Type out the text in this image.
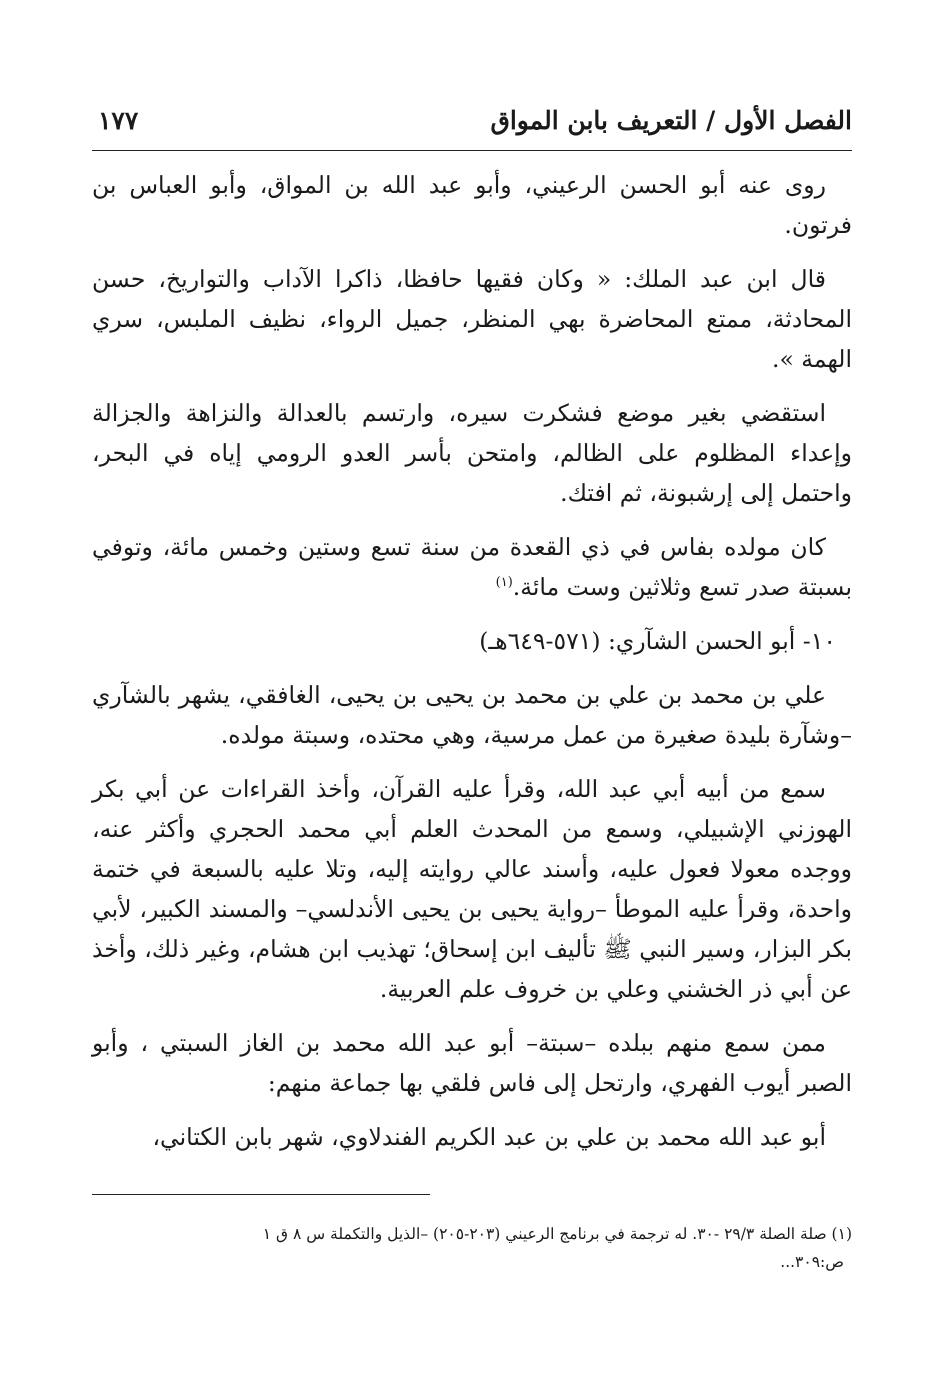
الفصل الأول / التعريف بابن المواق
١٧٧

روى عنه أبو الحسن الرعيني، وأبو عبد الله بن المواق، وأبو العباس بن فرتون.

قال ابن عبد الملك: « وكان فقيها حافظا، ذاكرا الآداب والتواريخ، حسن المحادثة، ممتع المحاضرة بهي المنظر، جميل الرواء، نظيف الملبس، سري الهمة ».

استقضي بغير موضع فشكرت سيره، وارتسم بالعدالة والنزاهة والجزالة وإعداء المظلوم على الظالم، وامتحن بأسر العدو الرومي إياه في البحر، واحتمل إلى إرشبونة، ثم افتك.

كان مولده بفاس في ذي القعدة من سنة تسع وستين وخمس مائة، وتوفي بسبتة صدر تسع وثلاثين وست مائة.$^{(١)}$

١٠- أبو الحسن الشآري: (٥٧١-٦٤٩هـ)

علي بن محمد بن علي بن محمد بن يحيى بن يحيى، الغافقي، يشهر بالشآري –وشآرة بليدة صغيرة من عمل مرسية، وهي محتده، وسبتة مولده.

سمع من أبيه أبي عبد الله، وقرأ عليه القرآن، وأخذ القراءات عن أبي بكر الهوزني الإشبيلي، وسمع من المحدث العلم أبي محمد الحجري وأكثر عنه، ووجده معولا فعول عليه، وأسند عالي روايته إليه، وتلا عليه بالسبعة في ختمة واحدة، وقرأ عليه الموطأ –رواية يحيى بن يحيى الأندلسي– والمسند الكبير، لأبي بكر البزار، وسير النبي ﷺ تأليف ابن إسحاق؛ تهذيب ابن هشام، وغير ذلك، وأخذ عن أبي ذر الخشني وعلي بن خروف علم العربية.

ممن سمع منهم ببلده –سبتة– أبو عبد الله محمد بن الغاز السبتي ، وأبو الصبر أيوب الفهري، وارتحل إلى فاس فلقي بها جماعة منهم:

أبو عبد الله محمد بن علي بن عبد الكريم الفندلاوي، شهر بابن الكتاني،

(١) صلة الصلة ٢٩/٣ -٣٠. له ترجمة في برنامج الرعيني (٢٠٣-٢٠٥) –الذيل والتكملة س ٨ ق ١
ص:٣٠٩...
